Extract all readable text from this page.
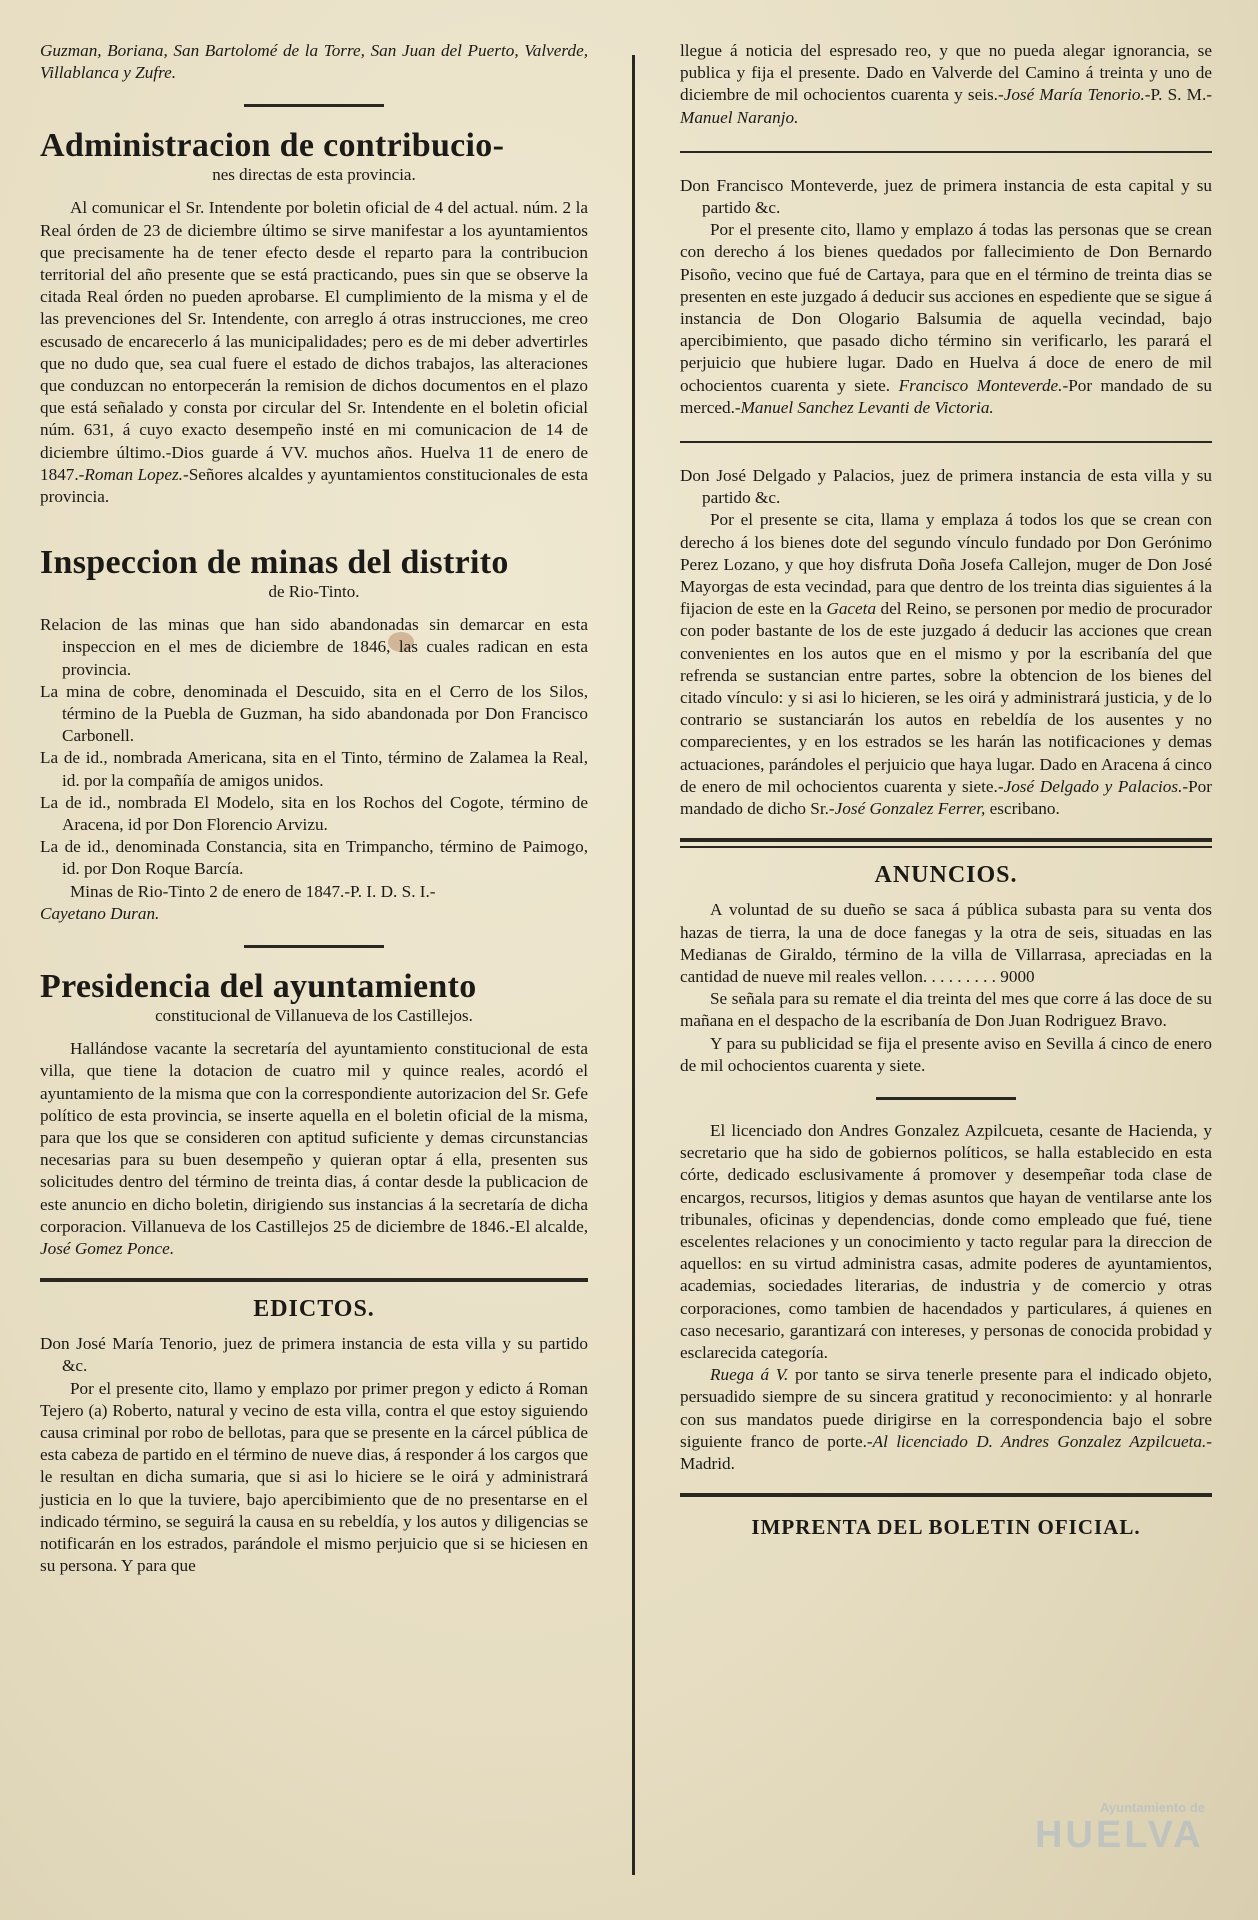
Guzman, Boriana, San Bartolomé de la Torre, San Juan del Puerto, Valverde, Villablanca y Zufre.

Administracion de contribucio-
nes directas de esta provincia.

Al comunicar el Sr. Intendente por boletin oficial de 4 del actual. núm. 2 la Real órden de 23 de diciembre último se sirve manifestar a los ayuntamientos que precisamente ha de tener efecto desde el reparto para la contribucion territorial del año presente que se está practicando, pues sin que se observe la citada Real órden no pueden aprobarse. El cumplimiento de la misma y el de las prevenciones del Sr. Intendente, con arreglo á otras instrucciones, me creo escusado de encarecerlo á las municipalidades; pero es de mi deber advertirles que no dudo que, sea cual fuere el estado de dichos trabajos, las alteraciones que conduzcan no entorpecerán la remision de dichos documentos en el plazo que está señalado y consta por circular del Sr. Intendente en el boletin oficial núm. 631, á cuyo exacto desempeño insté en mi comunicacion de 14 de diciembre último.-Dios guarde á VV. muchos años. Huelva 11 de enero de 1847.-Roman Lopez.-Señores alcaldes y ayuntamientos constitucionales de esta provincia.

Inspeccion de minas del distrito
de Rio-Tinto.

Relacion de las minas que han sido abandonadas sin demarcar en esta inspeccion en el mes de diciembre de 1846, las cuales radican en esta provincia.

La mina de cobre, denominada el Descuido, sita en el Cerro de los Silos, término de la Puebla de Guzman, ha sido abandonada por Don Francisco Carbonell.

La de id., nombrada Americana, sita en el Tinto, término de Zalamea la Real, id. por la compañía de amigos unidos.

La de id., nombrada El Modelo, sita en los Rochos del Cogote, término de Aracena, id por Don Florencio Arvizu.

La de id., denominada Constancia, sita en Trimpancho, término de Paimogo, id. por Don Roque Barcía.

Minas de Rio-Tinto 2 de enero de 1847.-P. I. D. S. I.-

Cayetano Duran.

Presidencia del ayuntamiento
constitucional de Villanueva de los Castillejos.

Hallándose vacante la secretaría del ayuntamiento constitucional de esta villa, que tiene la dotacion de cuatro mil y quince reales, acordó el ayuntamiento de la misma que con la correspondiente autorizacion del Sr. Gefe político de esta provincia, se inserte aquella en el boletin oficial de la misma, para que los que se consideren con aptitud suficiente y demas circunstancias necesarias para su buen desempeño y quieran optar á ella, presenten sus solicitudes dentro del término de treinta dias, á contar desde la publicacion de este anuncio en dicho boletin, dirigiendo sus instancias á la secretaría de dicha corporacion. Villanueva de los Castillejos 25 de diciembre de 1846.-El alcalde, José Gomez Ponce.

EDICTOS.

Don José María Tenorio, juez de primera instancia de esta villa y su partido &c.

Por el presente cito, llamo y emplazo por primer pregon y edicto á Roman Tejero (a) Roberto, natural y vecino de esta villa, contra el que estoy siguiendo causa criminal por robo de bellotas, para que se presente en la cárcel pública de esta cabeza de partido en el término de nueve dias, á responder á los cargos que le resultan en dicha sumaria, que si asi lo hiciere se le oirá y administrará justicia en lo que la tuviere, bajo apercibimiento que de no presentarse en el indicado término, se seguirá la causa en su rebeldía, y los autos y diligencias se notificarán en los estrados, parándole el mismo perjuicio que si se hiciesen en su persona. Y para que

llegue á noticia del espresado reo, y que no pueda alegar ignorancia, se publica y fija el presente. Dado en Valverde del Camino á treinta y uno de diciembre de mil ochocientos cuarenta y seis.-José María Tenorio.-P. S. M.-Manuel Naranjo.

Don Francisco Monteverde, juez de primera instancia de esta capital y su partido &c.

Por el presente cito, llamo y emplazo á todas las personas que se crean con derecho á los bienes quedados por fallecimiento de Don Bernardo Pisoño, vecino que fué de Cartaya, para que en el término de treinta dias se presenten en este juzgado á deducir sus acciones en espediente que se sigue á instancia de Don Ologario Balsumia de aquella vecindad, bajo apercibimiento, que pasado dicho término sin verificarlo, les parará el perjuicio que hubiere lugar. Dado en Huelva á doce de enero de mil ochocientos cuarenta y siete. Francisco Monteverde.-Por mandado de su merced.-Manuel Sanchez Levanti de Victoria.

Don José Delgado y Palacios, juez de primera instancia de esta villa y su partido &c.

Por el presente se cita, llama y emplaza á todos los que se crean con derecho á los bienes dote del segundo vínculo fundado por Don Gerónimo Perez Lozano, y que hoy disfruta Doña Josefa Callejon, muger de Don José Mayorgas de esta vecindad, para que dentro de los treinta dias siguientes á la fijacion de este en la Gaceta del Reino, se personen por medio de procurador con poder bastante de los de este juzgado á deducir las acciones que crean convenientes en los autos que en el mismo y por la escribanía del que refrenda se sustancian entre partes, sobre la obtencion de los bienes del citado vínculo: y si asi lo hicieren, se les oirá y administrará justicia, y de lo contrario se sustanciarán los autos en rebeldía de los ausentes y no comparecientes, y en los estrados se les harán las notificaciones y demas actuaciones, parándoles el perjuicio que haya lugar. Dado en Aracena á cinco de enero de mil ochocientos cuarenta y siete.-José Delgado y Palacios.-Por mandado de dicho Sr.-José Gonzalez Ferrer, escribano.

ANUNCIOS.

A voluntad de su dueño se saca á pública subasta para su venta dos hazas de tierra, la una de doce fanegas y la otra de seis, situadas en las Medianas de Giraldo, término de la villa de Villarrasa, apreciadas en la cantidad de nueve mil reales vellon. . . . . . . . . 9000

Se señala para su remate el dia treinta del mes que corre á las doce de su mañana en el despacho de la escribanía de Don Juan Rodriguez Bravo.

Y para su publicidad se fija el presente aviso en Sevilla á cinco de enero de mil ochocientos cuarenta y siete.

El licenciado don Andres Gonzalez Azpilcueta, cesante de Hacienda, y secretario que ha sido de gobiernos políticos, se halla establecido en esta córte, dedicado esclusivamente á promover y desempeñar toda clase de encargos, recursos, litigios y demas asuntos que hayan de ventilarse ante los tribunales, oficinas y dependencias, donde como empleado que fué, tiene escelentes relaciones y un conocimiento y tacto regular para la direccion de aquellos: en su virtud administra casas, admite poderes de ayuntamientos, academias, sociedades literarias, de industria y de comercio y otras corporaciones, como tambien de hacendados y particulares, á quienes en caso necesario, garantizará con intereses, y personas de conocida probidad y esclarecida categoría.

Ruega á V. por tanto se sirva tenerle presente para el indicado objeto, persuadido siempre de su sincera gratitud y reconocimiento: y al honrarle con sus mandatos puede dirigirse en la correspondencia bajo el sobre siguiente franco de porte.-Al licenciado D. Andres Gonzalez Azpilcueta.-Madrid.

IMPRENTA DEL BOLETIN OFICIAL.
Ayuntamiento de
HUELVA
